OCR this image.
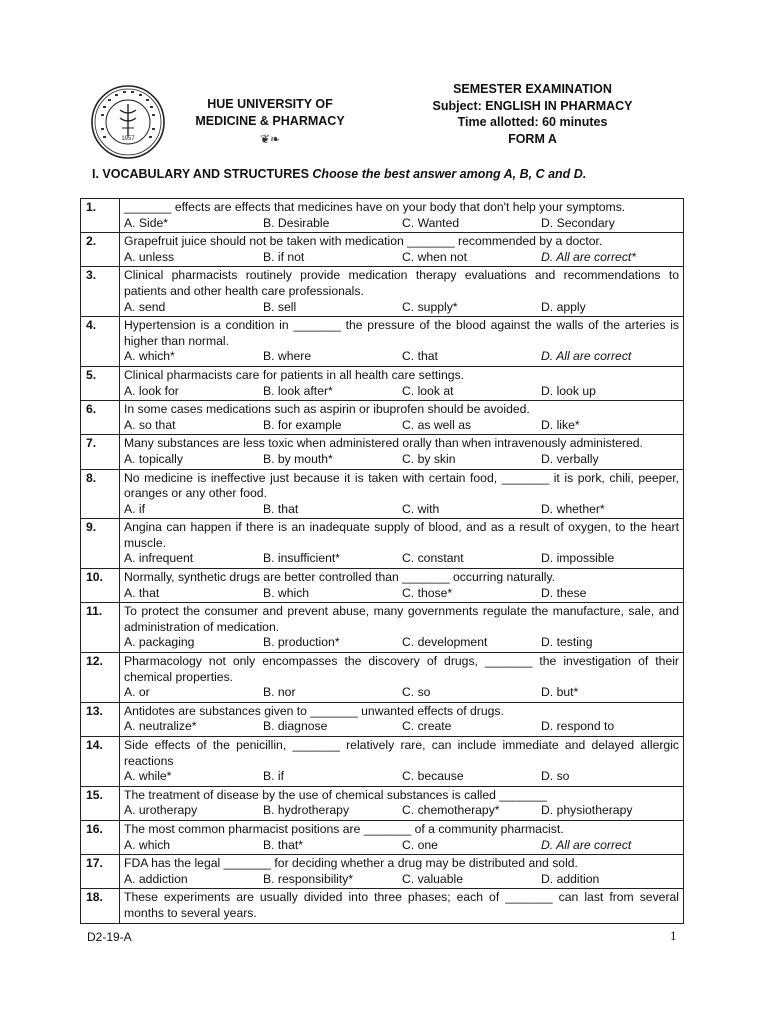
1957
HUE UNIVERSITY OF
MEDICINE & PHARMACY
❦❧
SEMESTER EXAMINATION
Subject: ENGLISH IN PHARMACY
Time allotted: 60 minutes
FORM A
I. VOCABULARY AND STRUCTURES Choose the best answer among A, B, C and D.
1.	_______ effects are effects that medicines have on your body that don't help your symptoms.
A. Side* B. Desirable C. Wanted D. Secondary

2.	Grapefruit juice should not be taken with medication _______ recommended by a doctor.
A. unless B. if not C. when not D. All are correct*

3.	Clinical pharmacists routinely provide medication therapy evaluations and recommendations to patients and other health care professionals.
A. send B. sell C. supply* D. apply

4.	Hypertension is a condition in _______ the pressure of the blood against the walls of the arteries is higher than normal.
A. which* B. where C. that D. All are correct

5.	Clinical pharmacists care for patients in all health care settings.
A. look for B. look after* C. look at D. look up

6.	In some cases medications such as aspirin or ibuprofen should be avoided.
A. so that B. for example C. as well as D. like*

7.	Many substances are less toxic when administered orally than when intravenously administered.
A. topically B. by mouth* C. by skin D. verbally

8.	No medicine is ineffective just because it is taken with certain food, _______ it is pork, chili, peeper, oranges or any other food.
A. if B. that C. with D. whether*

9.	Angina can happen if there is an inadequate supply of blood, and as a result of oxygen, to the heart muscle.
A. infrequent B. insufficient* C. constant D. impossible

10.	Normally, synthetic drugs are better controlled than _______ occurring naturally.
A. that B. which C. those* D. these

11.	To protect the consumer and prevent abuse, many governments regulate the manufacture, sale, and administration of medication.
A. packaging B. production* C. development D. testing

12.	Pharmacology not only encompasses the discovery of drugs, _______ the investigation of their chemical properties.
A. or B. nor C. so D. but*

13.	Antidotes are substances given to _______ unwanted effects of drugs.
A. neutralize* B. diagnose C. create D. respond to

14.	Side effects of the penicillin, _______ relatively rare, can include immediate and delayed allergic reactions
A. while* B. if C. because D. so

15.	The treatment of disease by the use of chemical substances is called _______
A. urotherapy B. hydrotherapy C. chemotherapy* D. physiotherapy

16.	The most common pharmacist positions are _______ of a community pharmacist.
A. which B. that* C. one D. All are correct

17.	FDA has the legal _______ for deciding whether a drug may be distributed and sold.
A. addiction B. responsibility* C. valuable D. addition

18.	These experiments are usually divided into three phases; each of _______ can last from several months to several years.
D2-19-A	1
